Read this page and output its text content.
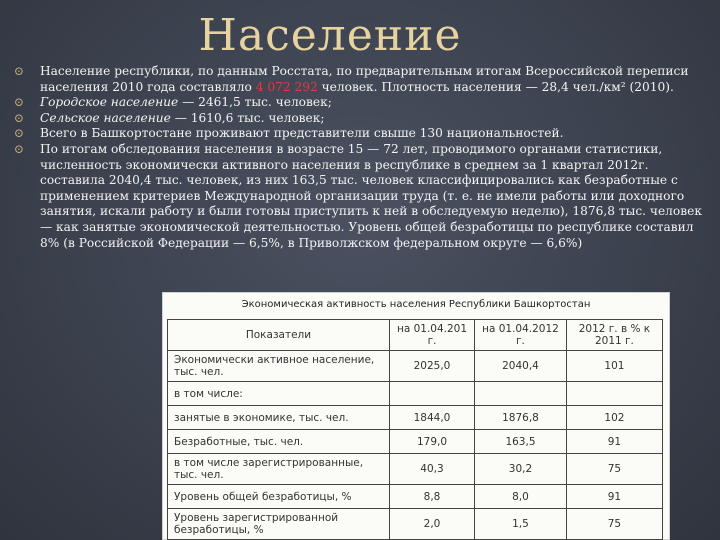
Население
⊙ Население республики, по данным Росстата, по предварительным итогам Всероссийской переписи населения 2010 года составляло 4 072 292 человек. Плотность населения — 28,4 чел./км² (2010).
⊙ Городское население — 2461,5 тыс. человек;
⊙ Сельское население — 1610,6 тыс. человек;
⊙ Всего в Башкортостане проживают представители свыше 130 национальностей.
⊙ По итогам обследования населения в возрасте 15 — 72 лет, проводимого органами статистики, численность экономически активного населения в республике в среднем за 1 квартал 2012г. составила 2040,4 тыс. человек, из них 163,5 тыс. человек классифицировались как безработные с применением критериев Международной организации труда (т. е. не имели работы или доходного занятия, искали работу и были готовы приступить к ней в обследуемую неделю), 1876,8 тыс. человек — как занятые экономической деятельностью. Уровень общей безработицы по республике составил 8% (в Российской Федерации — 6,5%, в Приволжском федеральном округе — 6,6%)
Экономическая активность населения Республики Башкортостан
Показатели	на 01.04.201 г.	на 01.04.2012 г.	2012 г. в % к 2011 г.
Экономически активное население, тыс. чел.	2025,0	2040,4	101
в том числе:			
занятые в экономике, тыс. чел.	1844,0	1876,8	102
Безработные, тыс. чел.	179,0	163,5	91
в том числе зарегистрированные, тыс. чел.	40,3	30,2	75
Уровень общей безработицы, %	8,8	8,0	91
Уровень зарегистрированной безработицы, %	2,0	1,5	75
